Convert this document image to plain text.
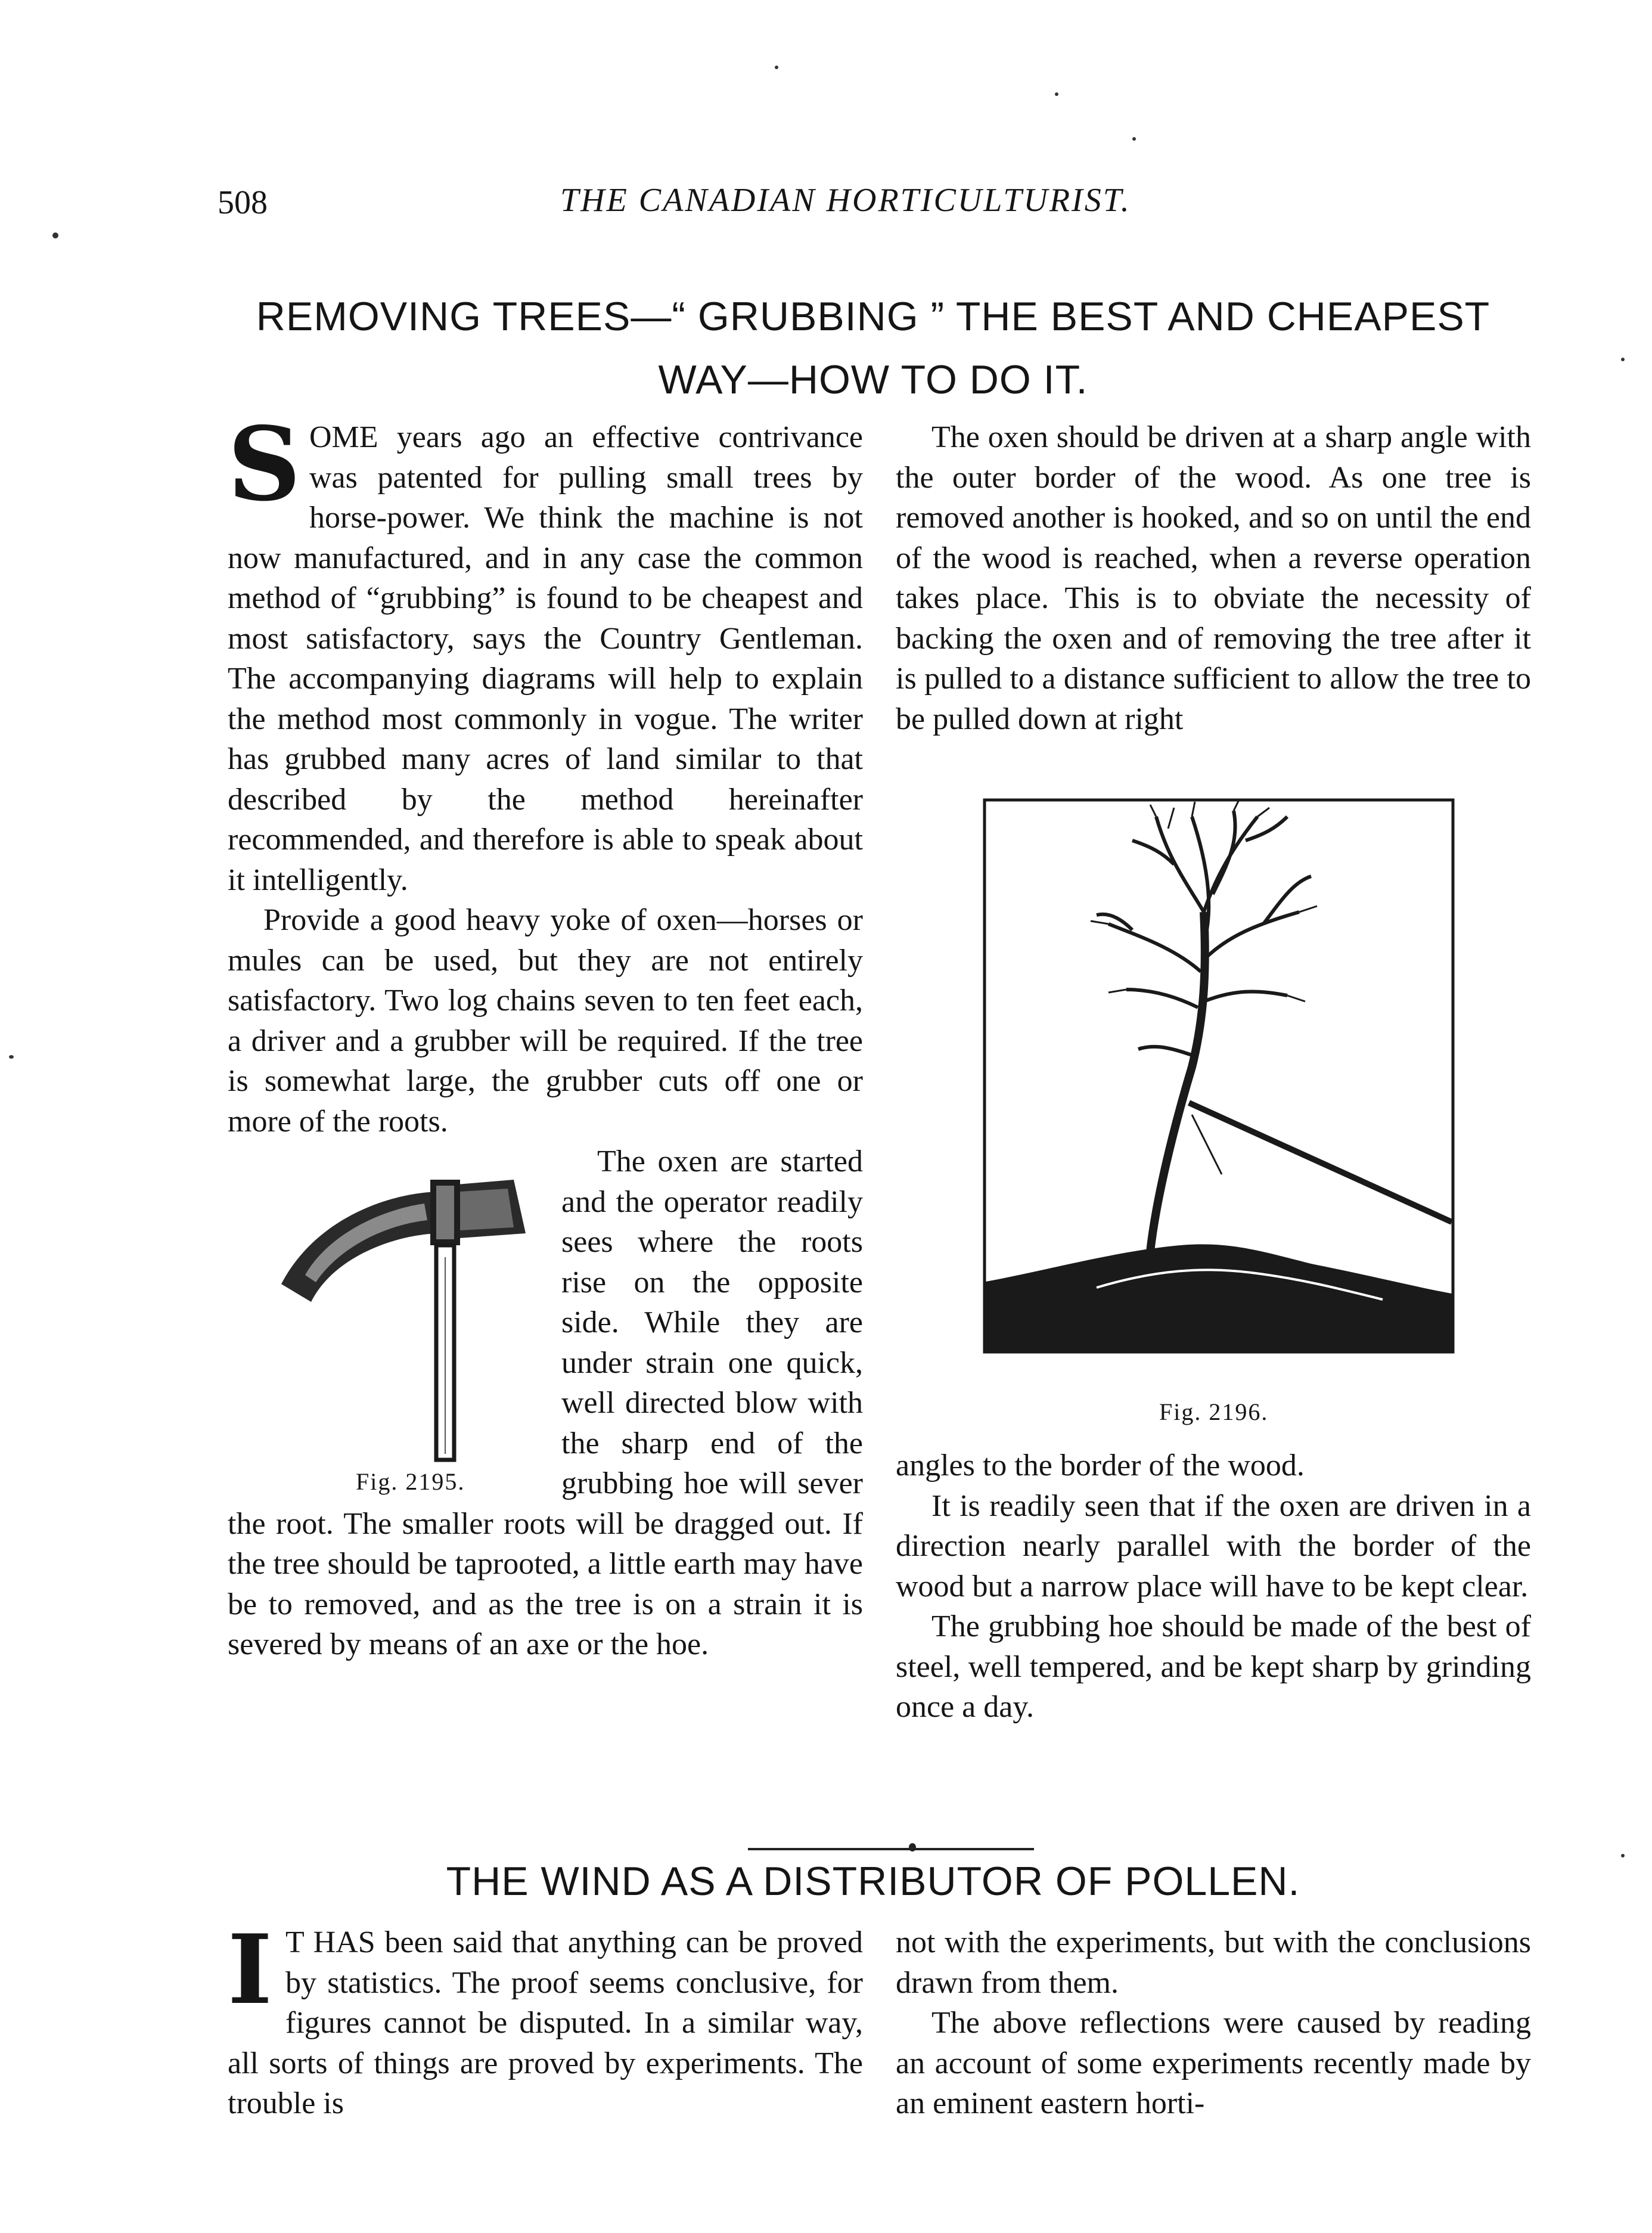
508	THE CANADIAN HORTICULTURIST.
REMOVING TREES—“ GRUBBING ” THE BEST AND CHEAPEST
WAY—HOW TO DO IT.

SOME years ago an effective contrivance was patented for pulling small trees by horse-power. We think the machine is not now manufactured, and in any case the common method of “grubbing” is found to be cheapest and most satisfactory, says the Country Gentleman. The accompanying diagrams will help to explain the method most commonly in vogue. The writer has grubbed many acres of land similar to that described by the method hereinafter recommended, and therefore is able to speak about it intelligently.

Provide a good heavy yoke of oxen—horses or mules can be used, but they are not entirely satisfactory. Two log chains seven to ten feet each, a driver and a grubber will be required. If the tree is somewhat large, the grubber cuts off one or more of the roots.

Fig. 2195.
The oxen are started and the operator readily sees where the roots rise on the opposite side. While they are under strain one quick, well directed blow with the sharp end of the grubbing hoe will sever the root. The smaller roots will be dragged out. If the tree should be taprooted, a little earth may have be to removed, and as the tree is on a strain it is severed by means of an axe or the hoe.

The oxen should be driven at a sharp angle with the outer border of the wood. As one tree is removed another is hooked, and so on until the end of the wood is reached, when a reverse operation takes place. This is to obviate the necessity of backing the oxen and of removing the tree after it is pulled to a distance sufficient to allow the tree to be pulled down at right

Fig. 2196.

angles to the border of the wood.

It is readily seen that if the oxen are driven in a direction nearly parallel with the border of the wood but a narrow place will have to be kept clear.

The grubbing hoe should be made of the best of steel, well tempered, and be kept sharp by grinding once a day.

THE WIND AS A DISTRIBUTOR OF POLLEN.

I T HAS been said that anything can be proved by statistics. The proof seems conclusive, for figures cannot be disputed. In a similar way, all sorts of things are proved by experiments. The trouble is

not with the experiments, but with the conclusions drawn from them.

The above reflections were caused by reading an account of some experiments recently made by an eminent eastern horti-
